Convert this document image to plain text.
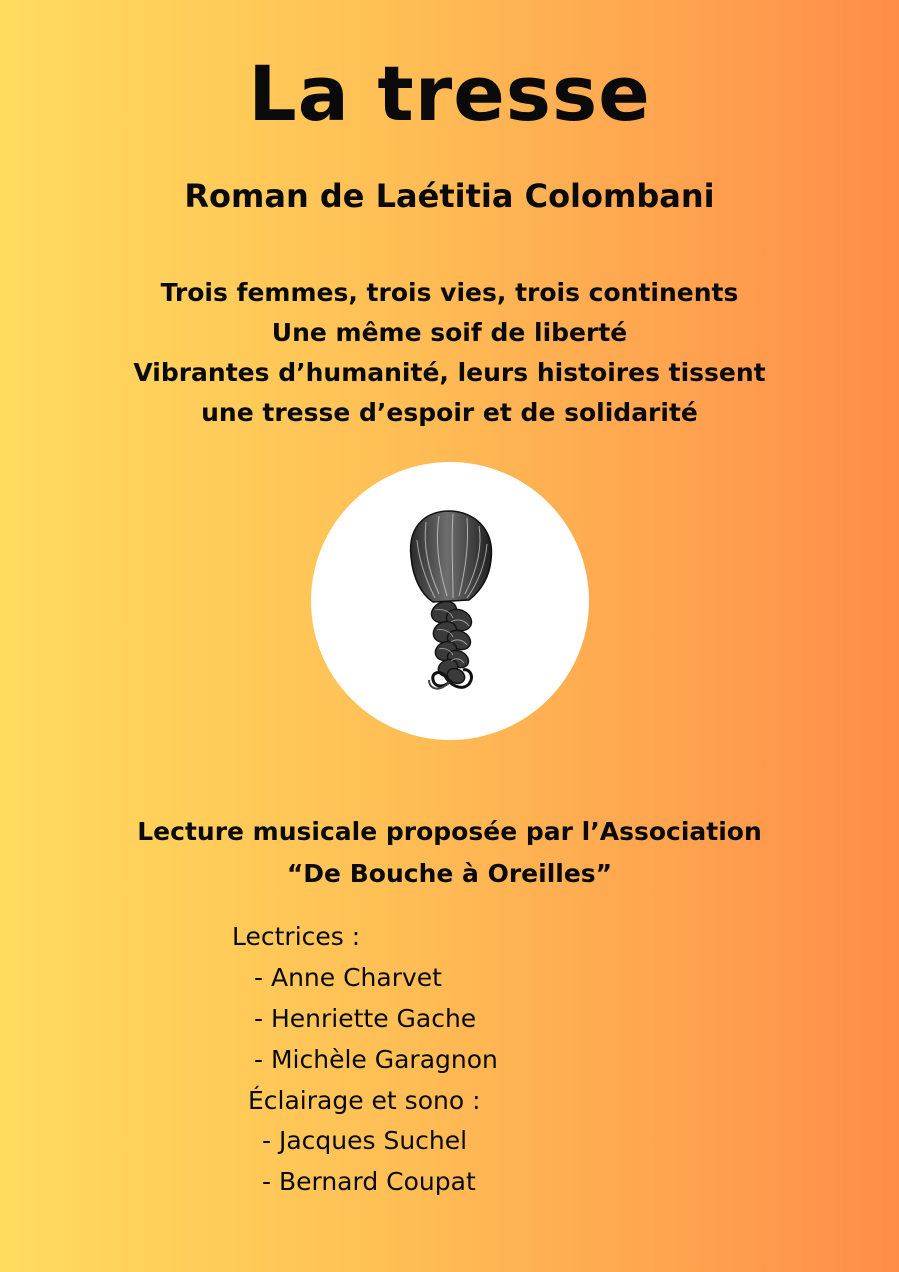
La tresse
Roman de Laétitia Colombani
Trois femmes, trois vies, trois continents
Une même soif de liberté
Vibrantes d’humanité, leurs histoires tissent
une tresse d’espoir et de solidarité
Lecture musicale proposée par l’Association
“De Bouche à Oreilles”
Lectrices :
- Anne Charvet
- Henriette Gache
- Michèle Garagnon
Éclairage et sono :
- Jacques Suchel
- Bernard Coupat
